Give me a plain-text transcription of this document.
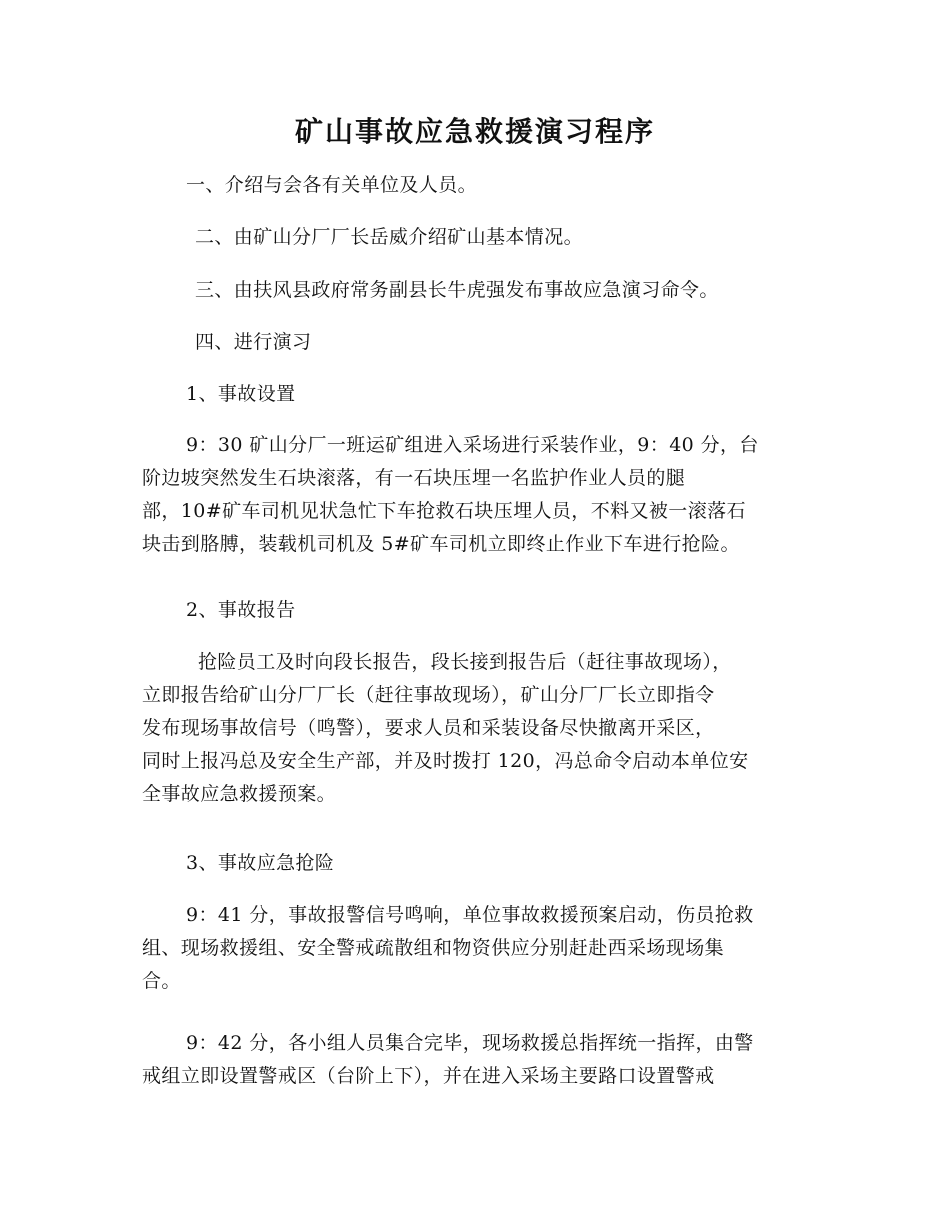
矿山事故应急救援演习程序
一、介绍与会各有关单位及人员。
二、由矿山分厂厂长岳威介绍矿山基本情况。
三、由扶风县政府常务副县长牛虎强发布事故应急演习命令。
四、进行演习
1、事故设置
9：30 矿山分厂一班运矿组进入采场进行采装作业，9：40 分，台
阶边坡突然发生石块滚落，有一石块压埋一名监护作业人员的腿
部，10#矿车司机见状急忙下车抢救石块压埋人员，不料又被一滚落石
块击到胳膊，装载机司机及 5#矿车司机立即终止作业下车进行抢险。
2、事故报告
抢险员工及时向段长报告，段长接到报告后（赶往事故现场），
立即报告给矿山分厂厂长（赶往事故现场），矿山分厂厂长立即指令
发布现场事故信号（鸣警），要求人员和采装设备尽快撤离开采区，
同时上报冯总及安全生产部，并及时拨打 120，冯总命令启动本单位安
全事故应急救援预案。
3、事故应急抢险
9：41 分，事故报警信号鸣响，单位事故救援预案启动，伤员抢救
组、现场救援组、安全警戒疏散组和物资供应分别赶赴西采场现场集
合。
9：42 分，各小组人员集合完毕，现场救援总指挥统一指挥，由警
戒组立即设置警戒区（台阶上下），并在进入采场主要路口设置警戒
